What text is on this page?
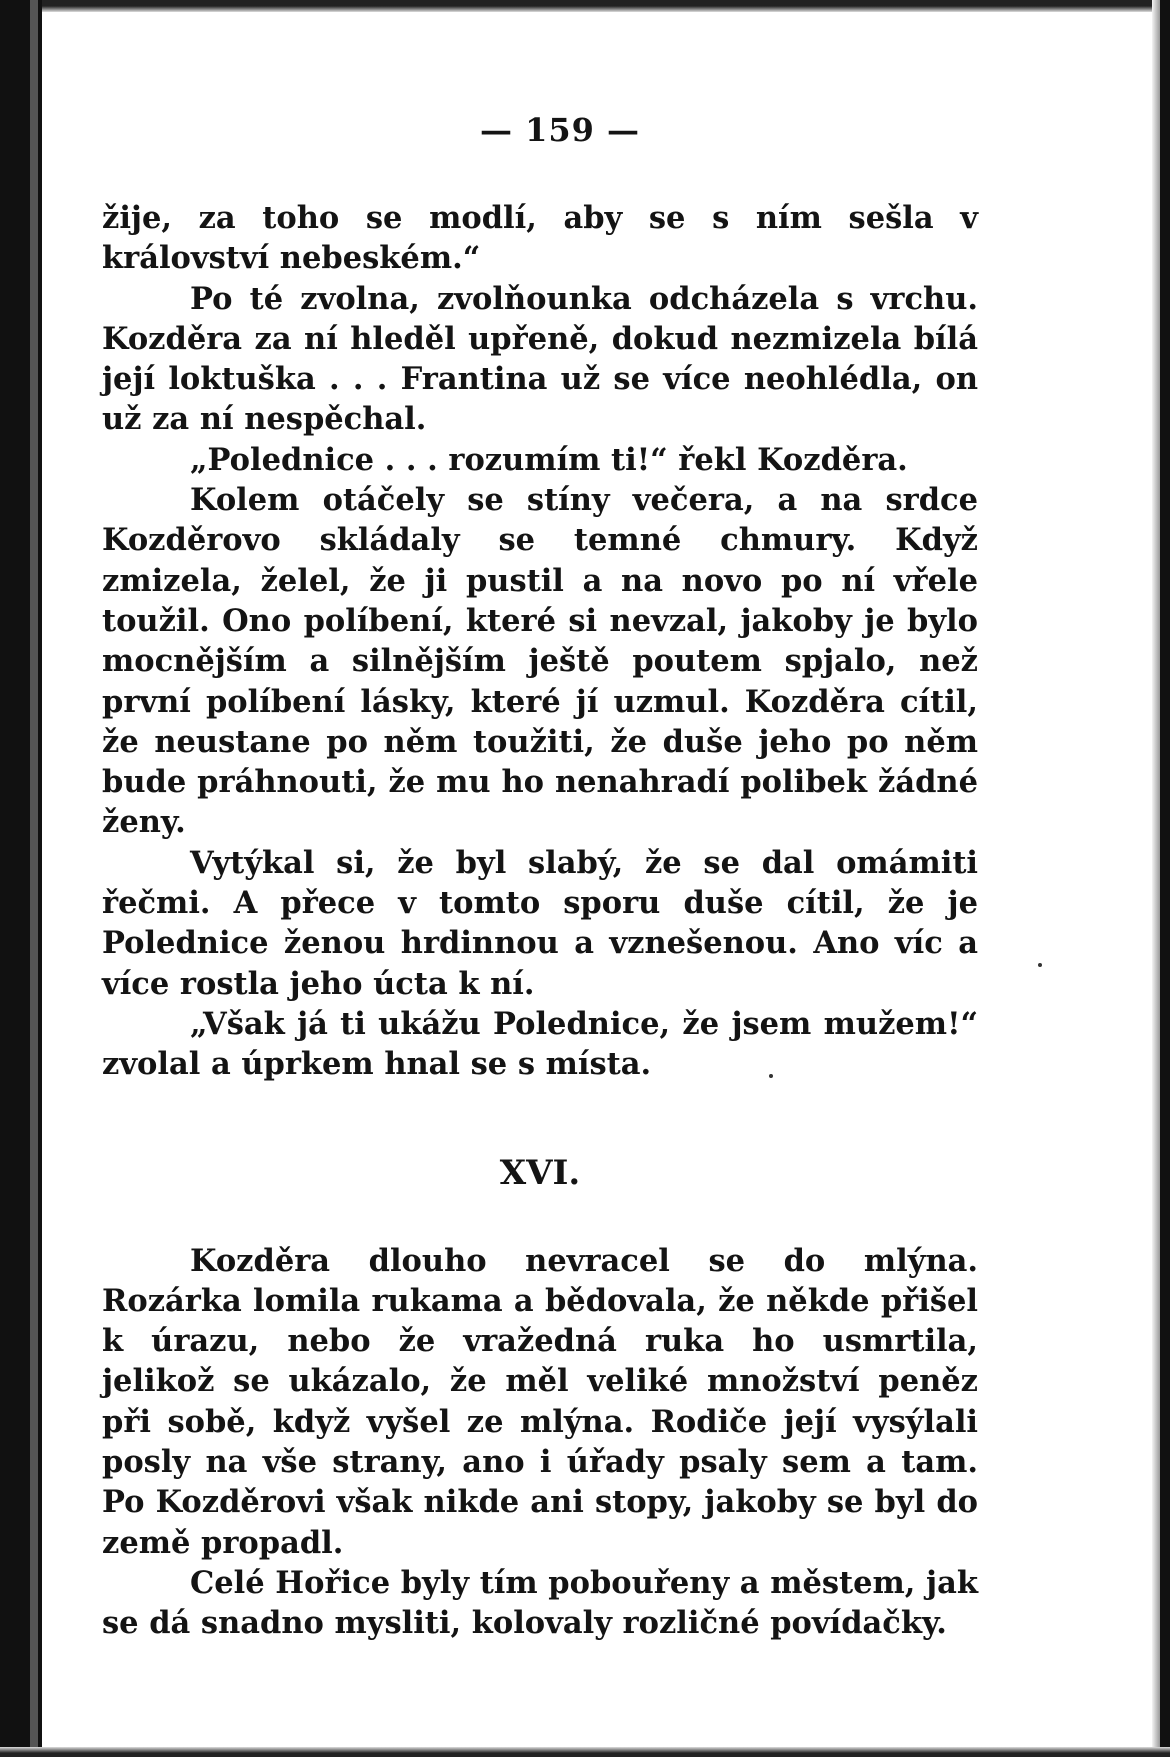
— 159 —

žije, za toho se modlí, aby se s ním sešla v království nebeském.“

Po té zvolna, zvolňounka odcházela s vrchu. Kozděra za ní hleděl upřeně, dokud nezmizela bílá její loktuška . . . Frantina už se více neohlédla, on už za ní nespěchal.

„Polednice . . . rozumím ti!“ řekl Kozděra.

Kolem otáčely se stíny večera, a na srdce Kozděrovo skládaly se temné chmury. Když zmizela, želel, že ji pustil a na novo po ní vřele toužil. Ono políbení, které si nevzal, jakoby je bylo mocnějším a silnějším ještě poutem spjalo, než první políbení lásky, které jí uzmul. Kozděra cítil, že neustane po něm toužiti, že duše jeho po něm bude práhnouti, že mu ho nenahradí polibek žádné ženy.

Vytýkal si, že byl slabý, že se dal omámiti řečmi. A přece v tomto sporu duše cítil, že je Polednice ženou hrdinnou a vznešenou. Ano víc a více rostla jeho úcta k ní.

„Však já ti ukážu Polednice, že jsem mužem!“ zvolal a úprkem hnal se s místa.

XVI.

Kozděra dlouho nevracel se do mlýna. Rozárka lomila rukama a bědovala, že někde přišel k úrazu, nebo že vražedná ruka ho usmrtila, jelikož se ukázalo, že měl veliké množství peněz při sobě, když vyšel ze mlýna. Rodiče její vysýlali posly na vše strany, ano i úřady psaly sem a tam. Po Kozděrovi však nikde ani stopy, jakoby se byl do země propadl.

Celé Hořice byly tím pobouřeny a městem, jak se dá snadno mysliti, kolovaly rozličné povídačky.
